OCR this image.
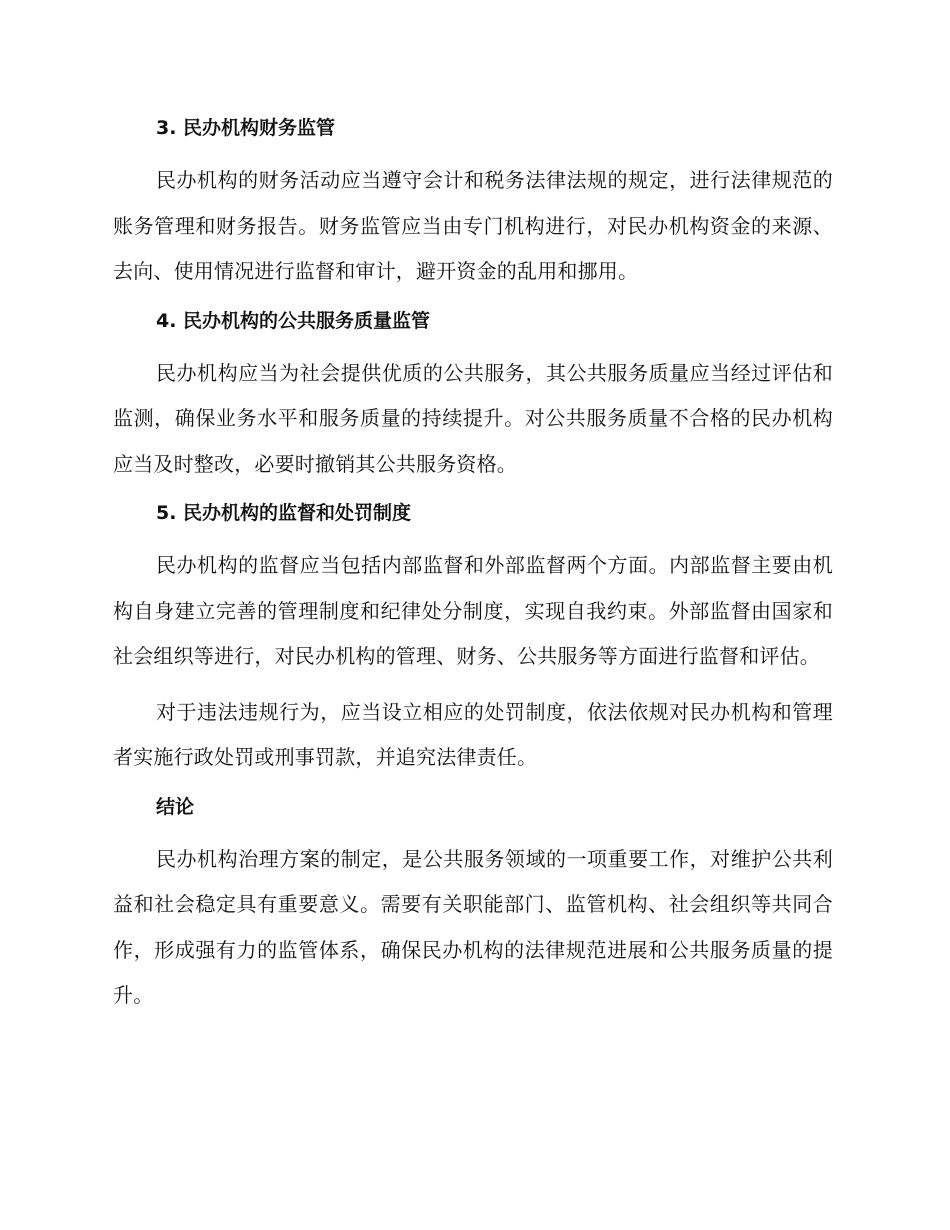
3. 民办机构财务监管

民办机构的财务活动应当遵守会计和税务法律法规的规定，进行法律规范的账务管理和财务报告。财务监管应当由专门机构进行，对民办机构资金的来源、去向、使用情况进行监督和审计，避开资金的乱用和挪用。

4. 民办机构的公共服务质量监管

民办机构应当为社会提供优质的公共服务，其公共服务质量应当经过评估和监测，确保业务水平和服务质量的持续提升。对公共服务质量不合格的民办机构应当及时整改，必要时撤销其公共服务资格。

5. 民办机构的监督和处罚制度

民办机构的监督应当包括内部监督和外部监督两个方面。内部监督主要由机构自身建立完善的管理制度和纪律处分制度，实现自我约束。外部监督由国家和社会组织等进行，对民办机构的管理、财务、公共服务等方面进行监督和评估。

对于违法违规行为，应当设立相应的处罚制度，依法依规对民办机构和管理者实施行政处罚或刑事罚款，并追究法律责任。

结论

民办机构治理方案的制定，是公共服务领域的一项重要工作，对维护公共利益和社会稳定具有重要意义。需要有关职能部门、监管机构、社会组织等共同合作，形成强有力的监管体系，确保民办机构的法律规范进展和公共服务质量的提升。
